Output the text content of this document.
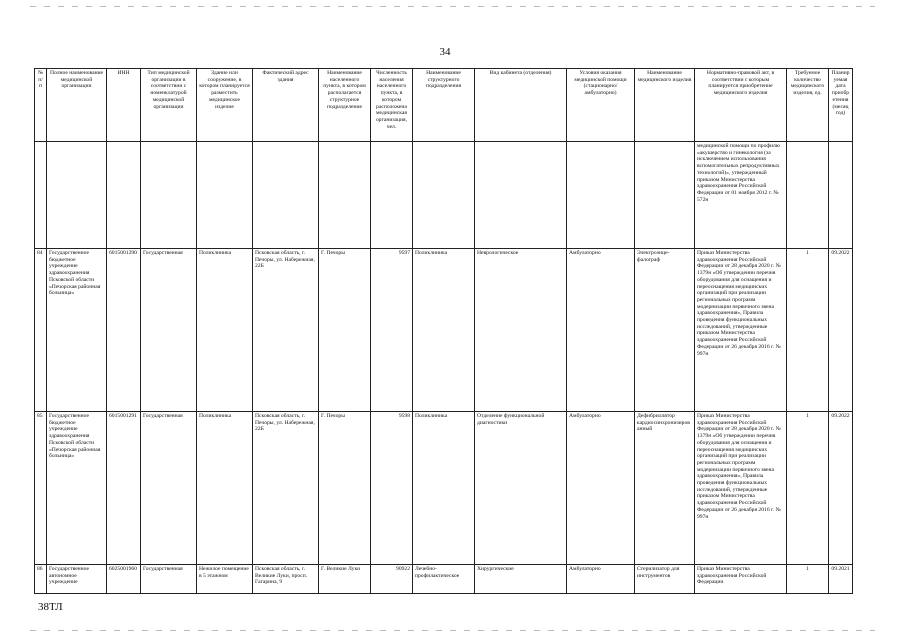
34
№ п/п	Полное наименование медицинской организации	ИНН	Тип медицинской организации в соответствии с номенклатурой медицинской организации	Здание или сооружение, в котором планируется разместить медицинское изделие	Фактический адрес здания	Наименование населенного пункта, в котором располагается структурное подразделение	Численность населения населенного пункта, в котором расположена медицинская организация, чел.	Наименование структурного подразделения	Вид кабинета (отделения)	Условия оказания медицинской помощи (стационарно/ амбулаторно)	Наименование медицинского изделия	Нормативно-правовой акт, в соответствии с которым планируется приобретение медицинского изделия	Требуемое количество медицинского изделия, ед.	Планируемая дата приобретения (месяц год)
												медицинской помощи по профилю «акушерство и гинекология (за исключением использования вспомогательных репродуктивных технологий)», утвержденный приказом Министерства здравоохранения Российской Федерации от 01 ноября 2012 г. № 572н		
84	Государственное бюджетное учреждение здравоохранения Псковской области «Печорская районная больница»	6015001290	Государственная	Поликлиника	Псковская область, г. Печоры, ул. Набережная, 22Б	Г. Печоры	9597	Поликлиника	Неврологическое	Амбулаторно	Электроэнце-фалограф	Приказ Министерства здравоохранения Российской Федерации от 28 декабря 2020 г. № 1379н «Об утверждении перечня оборудования для оснащения и переоснащения медицинских организаций при реализации региональных программ модернизации первичного звена здравоохранения», Правила проведения функциональных исследований, утвержденные приказом Министерства здравоохранения Российской Федерации от 26 декабря 2016 г. № 997н	1	09.2022
85	Государственное бюджетное учреждение здравоохранения Псковской области «Печорская районная больница»	6015001291	Государственная	Поликлиника	Псковская область, г. Печоры, ул. Набережная, 22Б	Г. Печоры	9598	Поликлиника	Отделение функциональной диагностики	Амбулаторно	Дефибриллятор кардиосинхронизированный	Приказ Министерства здравоохранения Российской Федерации от 28 декабря 2020 г. № 1379н «Об утверждении перечня оборудования для оснащения и переоснащения медицинских организаций при реализации региональных программ модернизации первичного звена здравоохранения», Правила проведения функциональных исследований, утвержденные приказом Министерства здравоохранения Российской Федерации от 26 декабря 2016 г. № 997н	1	09.2022
86	Государственное автономное учреждение	6025001960	Государственная	Нежилое помещение в 5 этажном	Псковская область, г. Великие Луки, просп. Гагарина, 9	Г. Великие Луки	90922	Лечебно-профилактическое	Хирургические	Амбулаторно	Стерилизатор для инструментов	Приказ Министерства здравоохранения Российской Федерации	1	09.2021
38ТЛ
